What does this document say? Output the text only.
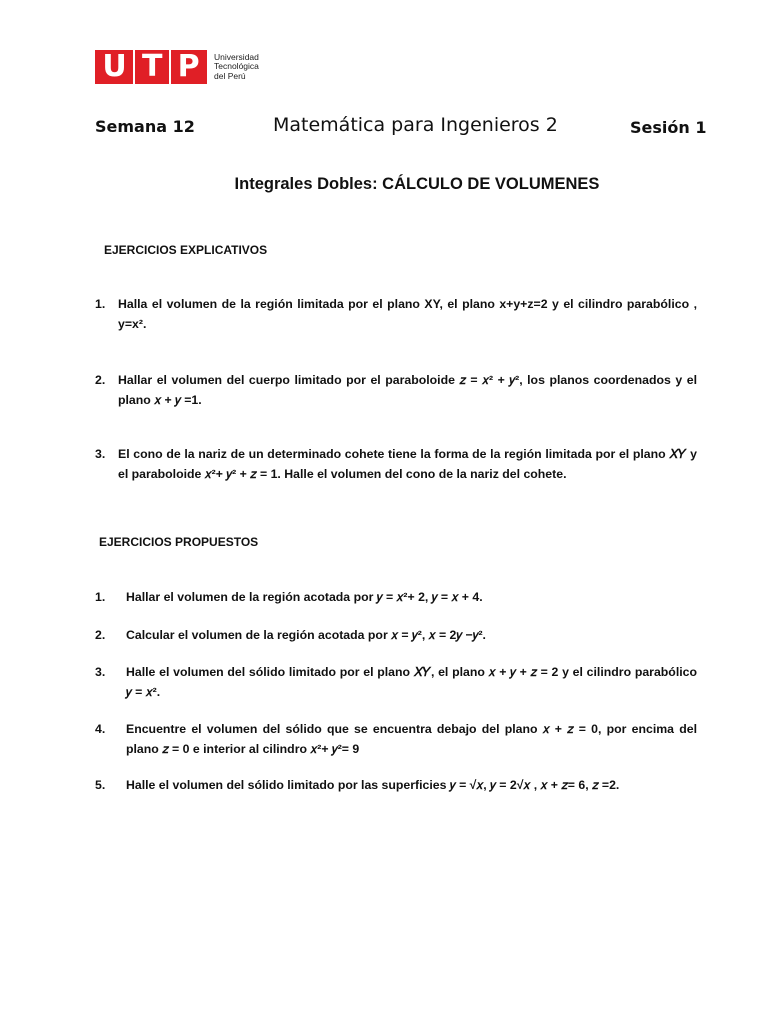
U T P Universidad
Tecnológica
del Perú
Semana 12	Matemática para Ingenieros 2	Sesión 1
Integrales Dobles: CÁLCULO DE VOLUMENES
EJERCICIOS EXPLICATIVOS
1.	Halla el volumen de la región limitada por el plano XY, el plano x+y+z=2 y el cilindro parabólico , y=x².
2.	Hallar el volumen del cuerpo limitado por el paraboloide 𝑧 = 𝑥² + 𝑦², los planos coordenados y el plano 𝑥 + 𝑦 =1.
3.	El cono de la nariz de un determinado cohete tiene la forma de la región limitada por el plano 𝑋𝑌 y el paraboloide 𝑥²+ 𝑦² + 𝑧 = 1. Halle el volumen del cono de la nariz del cohete.
EJERCICIOS PROPUESTOS
1.	Hallar el volumen de la región acotada por 𝑦 = 𝑥²+ 2, 𝑦 = 𝑥 + 4.
2.	Calcular el volumen de la región acotada por 𝑥 = 𝑦², 𝑥 = 2𝑦 −𝑦².
3.	Halle el volumen del sólido limitado por el plano 𝑋𝑌, el plano 𝑥 + 𝑦 + 𝑧 = 2 y el cilindro parabólico 𝑦 = 𝑥².
4.	Encuentre el volumen del sólido que se encuentra debajo del plano 𝑥 + 𝑧 = 0, por encima del plano 𝑧 = 0 e interior al cilindro 𝑥²+ 𝑦²= 9
5.	Halle el volumen del sólido limitado por las superficies 𝑦 = √𝑥, 𝑦 = 2√𝑥 , 𝑥 + 𝑧= 6, 𝑧 =2.
